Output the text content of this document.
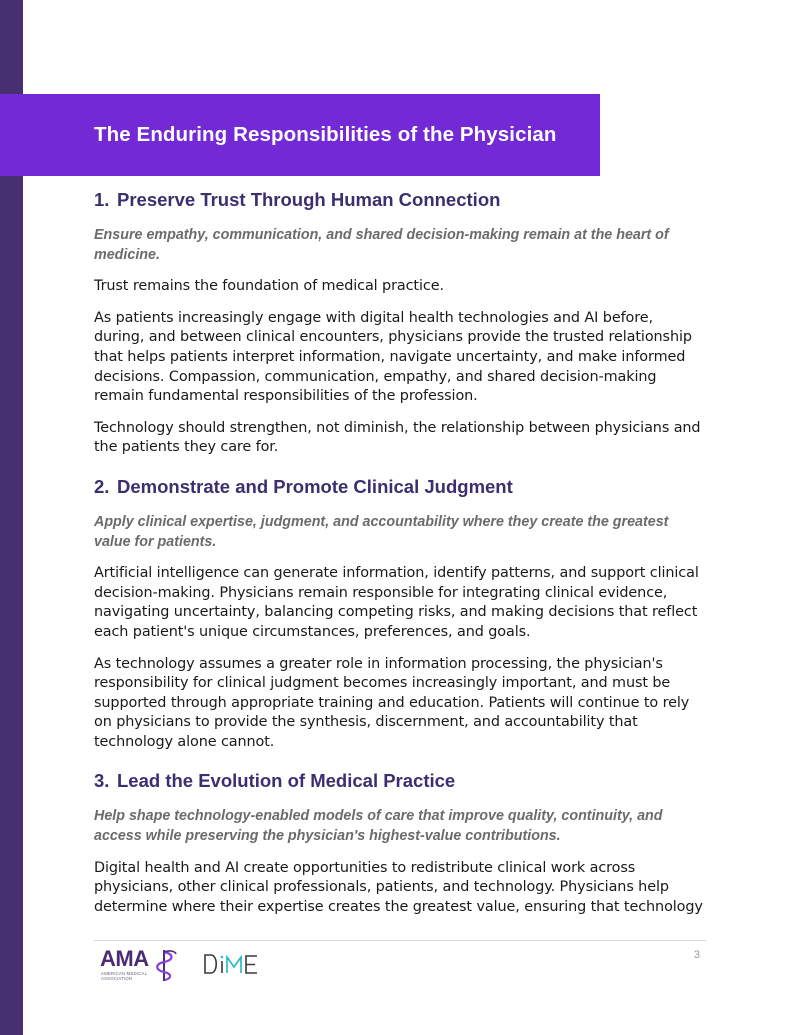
The Enduring Responsibilities of the Physician
1. Preserve Trust Through Human Connection

Ensure empathy, communication, and shared decision-making remain at the heart of medicine.

Trust remains the foundation of medical practice.

As patients increasingly engage with digital health technologies and AI before, during, and between clinical encounters, physicians provide the trusted relationship that helps patients interpret information, navigate uncertainty, and make informed decisions. Compassion, communication, empathy, and shared decision-making remain fundamental responsibilities of the profession.

Technology should strengthen, not diminish, the relationship between physicians and the patients they care for.

2. Demonstrate and Promote Clinical Judgment

Apply clinical expertise, judgment, and accountability where they create the greatest value for patients.

Artificial intelligence can generate information, identify patterns, and support clinical decision-making. Physicians remain responsible for integrating clinical evidence, navigating uncertainty, balancing competing risks, and making decisions that reflect each patient's unique circumstances, preferences, and goals.

As technology assumes a greater role in information processing, the physician's responsibility for clinical judgment becomes increasingly important, and must be supported through appropriate training and education. Patients will continue to rely on physicians to provide the synthesis, discernment, and accountability that technology alone cannot.

3. Lead the Evolution of Medical Practice

Help shape technology-enabled models of care that improve quality, continuity, and access while preserving the physician's highest-value contributions.

Digital health and AI create opportunities to redistribute clinical work across physicians, other clinical professionals, patients, and technology. Physicians help determine where their expertise creates the greatest value, ensuring that technology

AMA
AMERICAN MEDICAL ASSOCIATION
3
